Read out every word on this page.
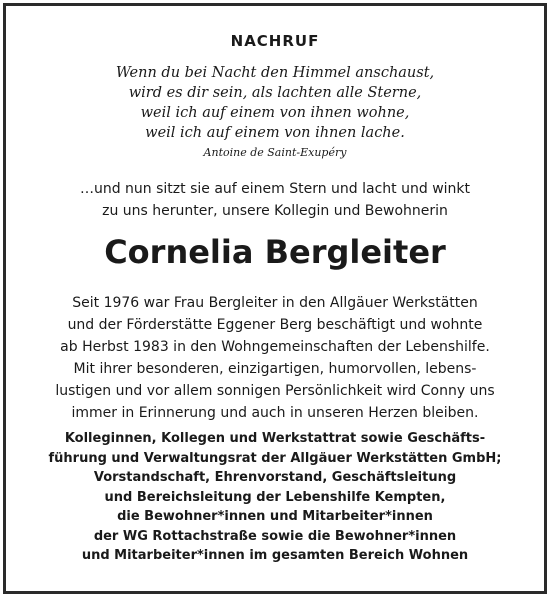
NACHRUF
Wenn du bei Nacht den Himmel anschaust,
wird es dir sein, als lachten alle Sterne,
weil ich auf einem von ihnen wohne,
weil ich auf einem von ihnen lache.
Antoine de Saint-Exupéry
…und nun sitzt sie auf einem Stern und lacht und winkt
zu uns herunter, unsere Kollegin und Bewohnerin
Cornelia Bergleiter
Seit 1976 war Frau Bergleiter in den Allgäuer Werkstätten
und der Förderstätte Eggener Berg beschäftigt und wohnte
ab Herbst 1983 in den Wohngemeinschaften der Lebenshilfe.
Mit ihrer besonderen, einzigartigen, humorvollen, lebens-
lustigen und vor allem sonnigen Persönlichkeit wird Conny uns
immer in Erinnerung und auch in unseren Herzen bleiben.
Kolleginnen, Kollegen und Werkstattrat sowie Geschäfts-
führung und Verwaltungsrat der Allgäuer Werkstätten GmbH;
Vorstandschaft, Ehrenvorstand, Geschäftsleitung
und Bereichsleitung der Lebenshilfe Kempten,
die Bewohner*innen und Mitarbeiter*innen
der WG Rottachstraße sowie die Bewohner*innen
und Mitarbeiter*innen im gesamten Bereich Wohnen
